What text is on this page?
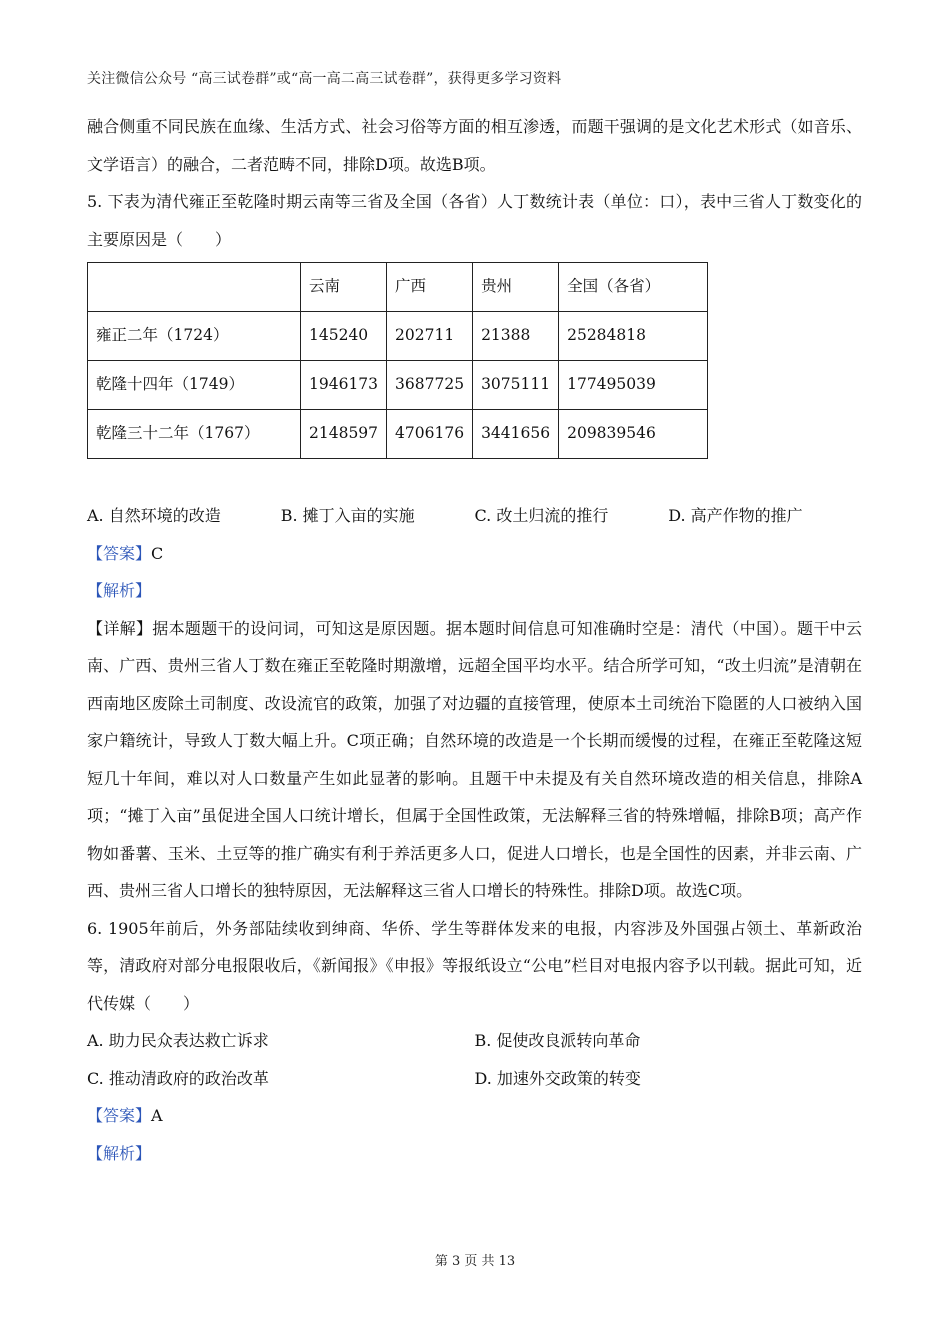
关注微信公众号 “高三试卷群”或“高一高二高三试卷群”，获得更多学习资料

融合侧重不同民族在血缘、生活方式、社会习俗等方面的相互渗透，而题干强调的是文化艺术形式（如音乐、文学语言）的融合，二者范畴不同，排除D项。故选B项。

5. 下表为清代雍正至乾隆时期云南等三省及全国（各省）人丁数统计表（单位：口），表中三省人丁数变化的主要原因是（　　）

	云南	广西	贵州	全国（各省）
雍正二年（1724）	145240	202711	21388	25284818
乾隆十四年（1749）	1946173	3687725	3075111	177495039
乾隆三十二年（1767）	2148597	4706176	3441656	209839546
A. 自然环境的改造	B. 摊丁入亩的实施	C. 改土归流的推行	D. 高产作物的推广

【答案】C

【解析】

【详解】据本题题干的设问词，可知这是原因题。据本题时间信息可知准确时空是：清代（中国）。题干中云南、广西、贵州三省人丁数在雍正至乾隆时期激增，远超全国平均水平。结合所学可知，“改土归流”是清朝在西南地区废除土司制度、改设流官的政策，加强了对边疆的直接管理，使原本土司统治下隐匿的人口被纳入国家户籍统计，导致人丁数大幅上升。C项正确；自然环境的改造是一个长期而缓慢的过程，在雍正至乾隆这短短几十年间，难以对人口数量产生如此显著的影响。且题干中未提及有关自然环境改造的相关信息，排除A项；“摊丁入亩”虽促进全国人口统计增长，但属于全国性政策，无法解释三省的特殊增幅，排除B项；高产作物如番薯、玉米、土豆等的推广确实有利于养活更多人口，促进人口增长，也是全国性的因素，并非云南、广西、贵州三省人口增长的独特原因，无法解释这三省人口增长的特殊性。排除D项。故选C项。

6. 1905年前后，外务部陆续收到绅商、华侨、学生等群体发来的电报，内容涉及外国强占领土、革新政治等，清政府对部分电报限收后，《新闻报》《申报》等报纸设立“公电”栏目对电报内容予以刊载。据此可知，近代传媒（　　）

A. 助力民众表达救亡诉求	B. 促使改良派转向革命
C. 推动清政府的政治改革	D. 加速外交政策的转变

【答案】A

【解析】

第 3 页 共 13
